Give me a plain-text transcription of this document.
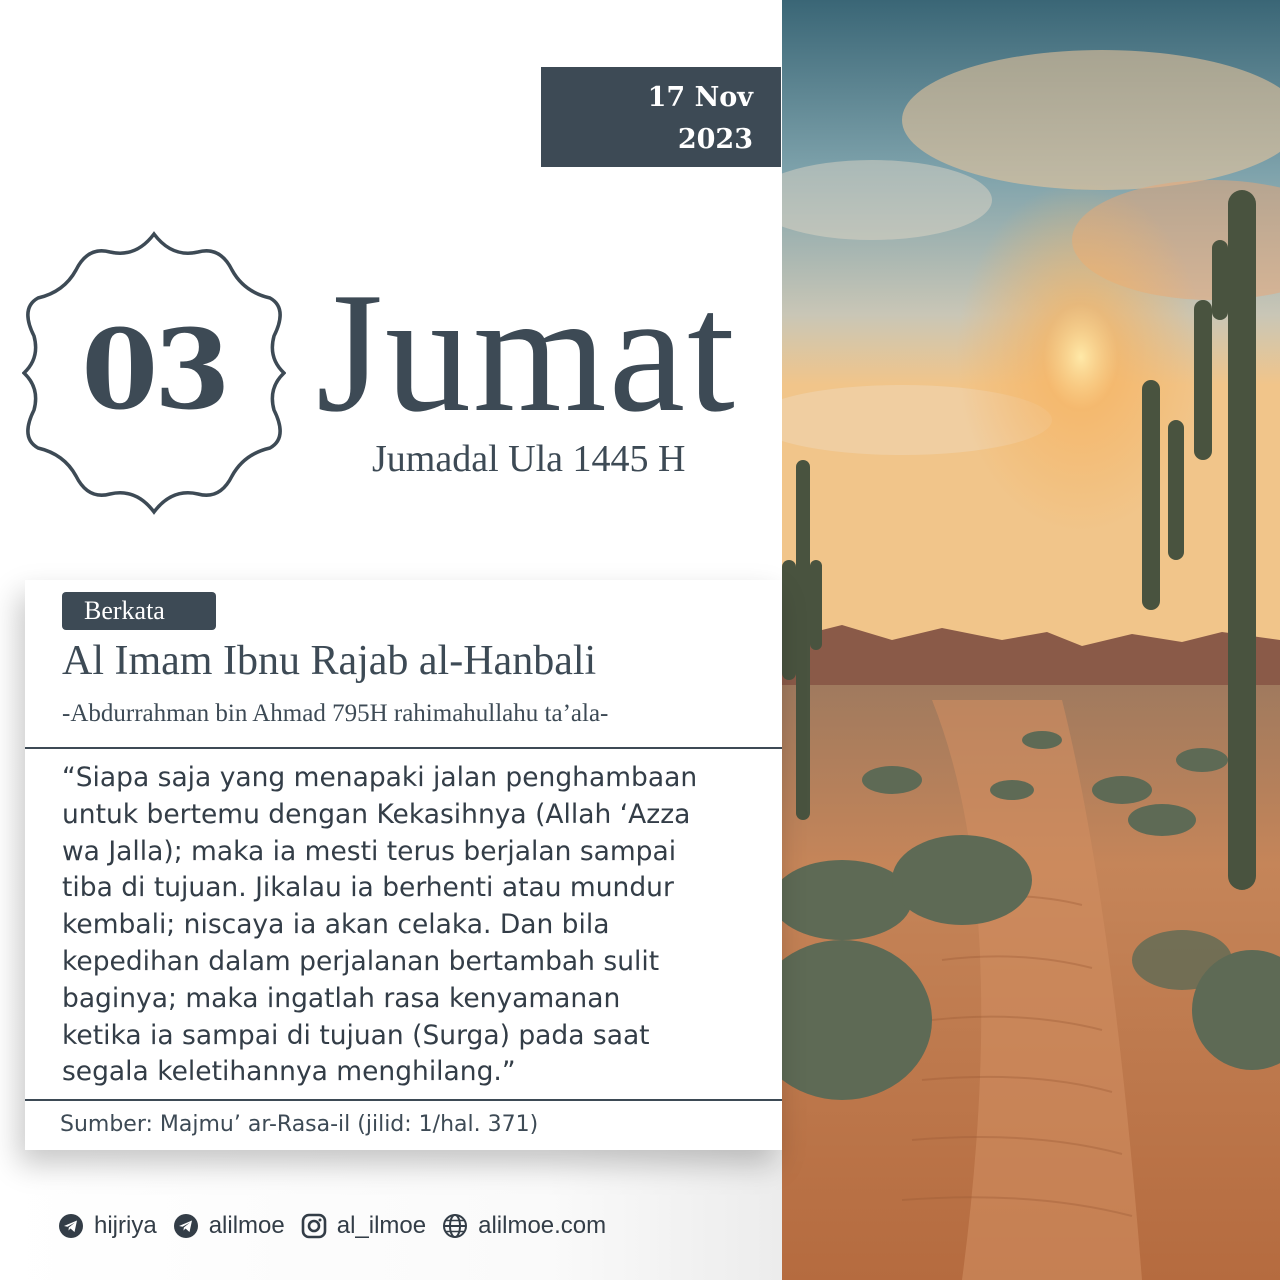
17 Nov
2023
03 Jumat
Jumadal Ula 1445 H
Berkata
Al Imam Ibnu Rajab al-Hanbali
-Abdurrahman bin Ahmad 795H rahimahullahu ta’ala-
“Siapa saja yang menapaki jalan penghambaan
untuk bertemu dengan Kekasihnya (Allah ‘Azza
wa Jalla); maka ia mesti terus berjalan sampai
tiba di tujuan. Jikalau ia berhenti atau mundur
kembali; niscaya ia akan celaka. Dan bila
kepedihan dalam perjalanan bertambah sulit
baginya; maka ingatlah rasa kenyamanan
ketika ia sampai di tujuan (Surga) pada saat
segala keletihannya menghilang.”
Sumber: Majmu’ ar-Rasa-il (jilid: 1/hal. 371)
hijriya alilmoe al_ilmoe alilmoe.com
